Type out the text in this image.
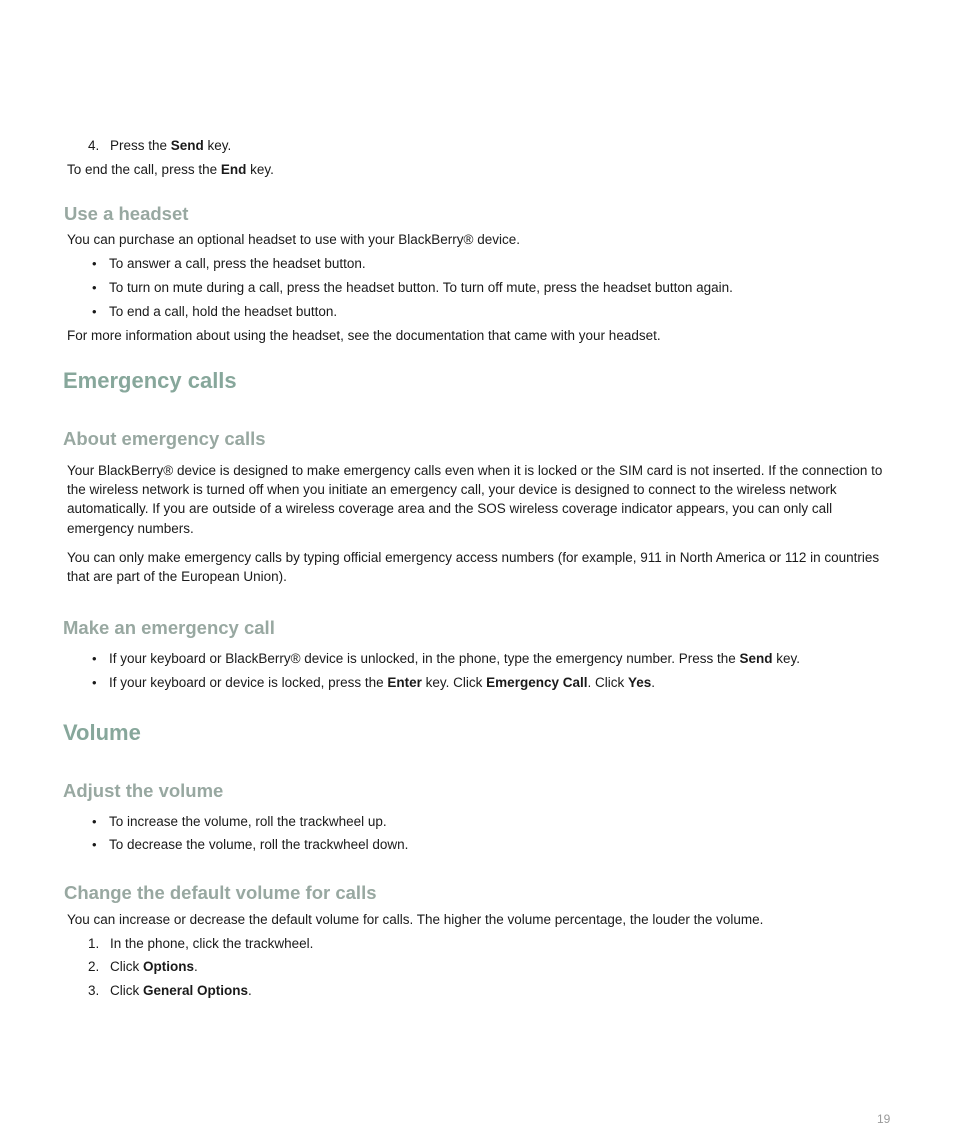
4. Press the Send key.
To end the call, press the End key.
Use a headset
You can purchase an optional headset to use with your BlackBerry® device.
• To answer a call, press the headset button.
• To turn on mute during a call, press the headset button. To turn off mute, press the headset button again.
• To end a call, hold the headset button.
For more information about using the headset, see the documentation that came with your headset.
Emergency calls
About emergency calls
Your BlackBerry® device is designed to make emergency calls even when it is locked or the SIM card is not inserted. If the connection to the wireless network is turned off when you initiate an emergency call, your device is designed to connect to the wireless network automatically. If you are outside of a wireless coverage area and the SOS wireless coverage indicator appears, you can only call emergency numbers.
You can only make emergency calls by typing official emergency access numbers (for example, 911 in North America or 112 in countries that are part of the European Union).
Make an emergency call
• If your keyboard or BlackBerry® device is unlocked, in the phone, type the emergency number. Press the Send key.
• If your keyboard or device is locked, press the Enter key. Click Emergency Call. Click Yes.
Volume
Adjust the volume
• To increase the volume, roll the trackwheel up.
• To decrease the volume, roll the trackwheel down.
Change the default volume for calls
You can increase or decrease the default volume for calls. The higher the volume percentage, the louder the volume.
1. In the phone, click the trackwheel.
2. Click Options.
3. Click General Options.
19
